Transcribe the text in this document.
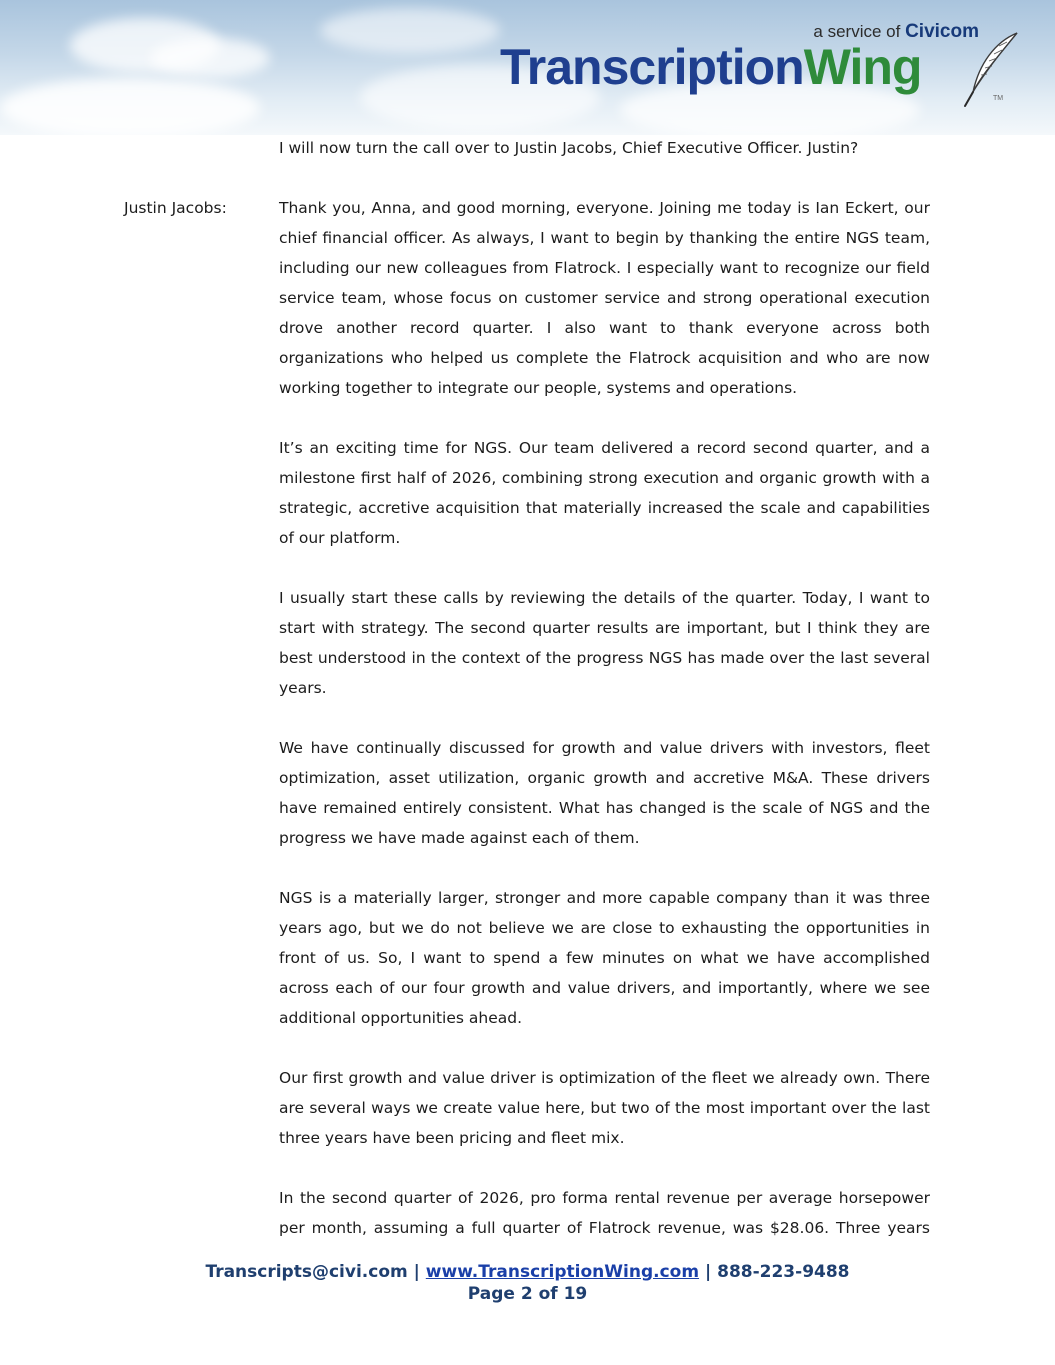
a service of Civicom
TranscriptionWing
TM
I will now turn the call over to Justin Jacobs, Chief Executive Officer. Justin?
Justin Jacobs:	Thank you, Anna, and good morning, everyone. Joining me today is Ian Eckert, our
chief financial officer. As always, I want to begin by thanking the entire NGS team,
including our new colleagues from Flatrock. I especially want to recognize our field
service team, whose focus on customer service and strong operational execution
drove another record quarter. I also want to thank everyone across both
organizations who helped us complete the Flatrock acquisition and who are now
working together to integrate our people, systems and operations.
It’s an exciting time for NGS. Our team delivered a record second quarter, and a
milestone first half of 2026, combining strong execution and organic growth with a
strategic, accretive acquisition that materially increased the scale and capabilities
of our platform.
I usually start these calls by reviewing the details of the quarter. Today, I want to
start with strategy. The second quarter results are important, but I think they are
best understood in the context of the progress NGS has made over the last several
years.
We have continually discussed for growth and value drivers with investors, fleet
optimization, asset utilization, organic growth and accretive M&A. These drivers
have remained entirely consistent. What has changed is the scale of NGS and the
progress we have made against each of them.
NGS is a materially larger, stronger and more capable company than it was three
years ago, but we do not believe we are close to exhausting the opportunities in
front of us. So, I want to spend a few minutes on what we have accomplished
across each of our four growth and value drivers, and importantly, where we see
additional opportunities ahead.
Our first growth and value driver is optimization of the fleet we already own. There
are several ways we create value here, but two of the most important over the last
three years have been pricing and fleet mix.
In the second quarter of 2026, pro forma rental revenue per average horsepower
per month, assuming a full quarter of Flatrock revenue, was $28.06. Three years
Transcripts@civi.com | www.TranscriptionWing.com | 888-223-9488
Page 2 of 19
